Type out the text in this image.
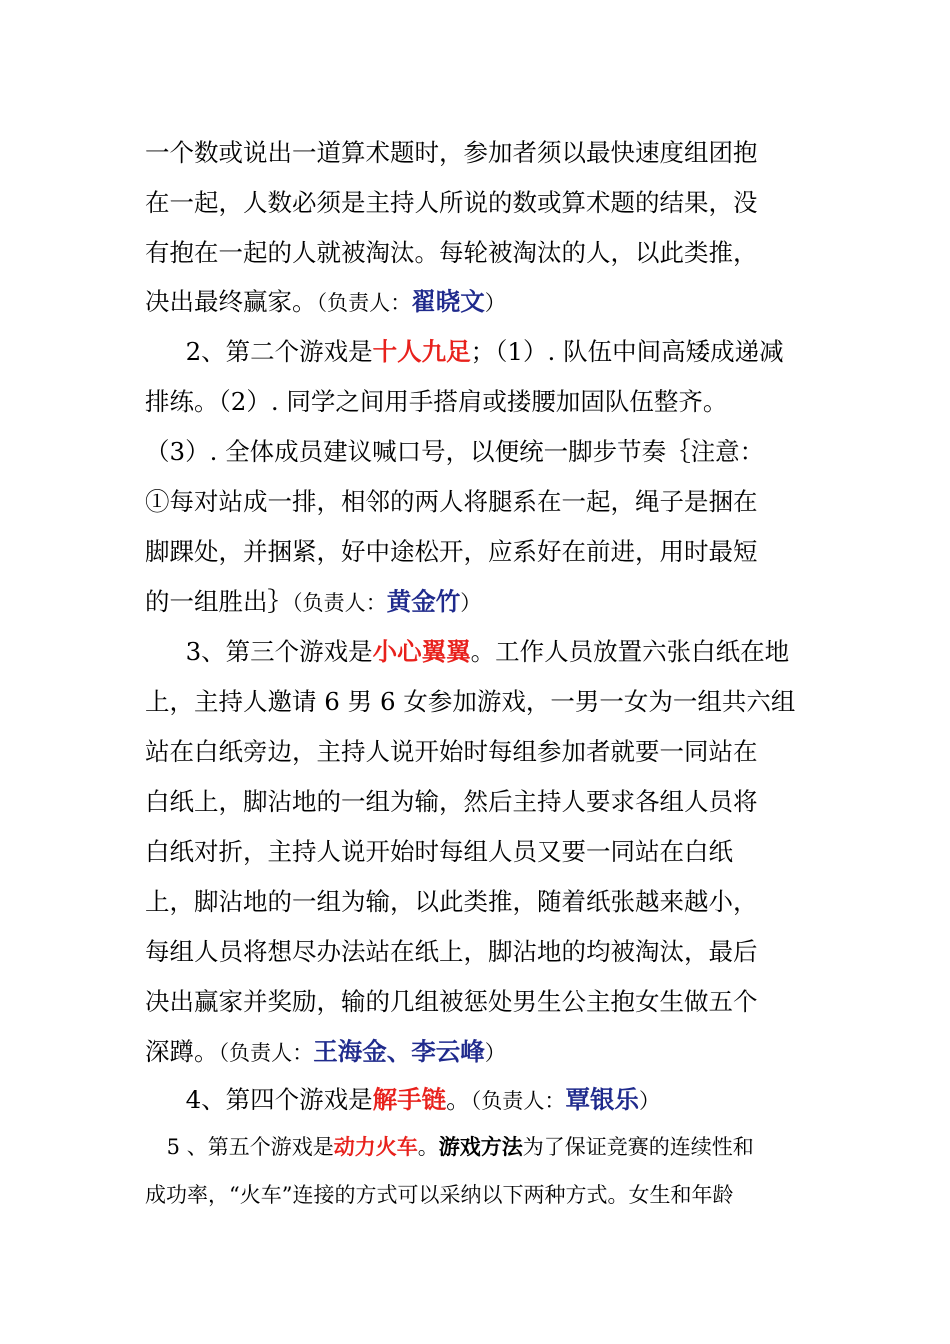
一个数或说出一道算术题时，参加者须以最快速度组团抱
在一起，人数必须是主持人所说的数或算术题的结果，没
有抱在一起的人就被淘汰。每轮被淘汰的人，以此类推，
决出最终赢家。（负责人：翟晓文）
2、第二个游戏是十人九足；（1）. 队伍中间高矮成递减
排练。（2）. 同学之间用手搭肩或搂腰加固队伍整齐。
（3）. 全体成员建议喊口号，以便统一脚步节奏｛注意：
①每对站成一排，相邻的两人将腿系在一起，绳子是捆在
脚踝处，并捆紧，好中途松开，应系好在前进，用时最短
的一组胜出｝（负责人：黄金竹）
3、第三个游戏是小心翼翼。工作人员放置六张白纸在地
上，主持人邀请 6 男 6 女参加游戏，一男一女为一组共六组
站在白纸旁边，主持人说开始时每组参加者就要一同站在
白纸上，脚沾地的一组为输，然后主持人要求各组人员将
白纸对折，主持人说开始时每组人员又要一同站在白纸
上，脚沾地的一组为输，以此类推，随着纸张越来越小，
每组人员将想尽办法站在纸上，脚沾地的均被淘汰，最后
决出赢家并奖励，输的几组被惩处男生公主抱女生做五个
深蹲。（负责人：王海金、李云峰）
4、第四个游戏是解手链。（负责人：覃银乐）
5 、第五个游戏是动力火车。游戏方法为了保证竞赛的连续性和
成功率，“火车”连接的方式可以采纳以下两种方式。女生和年龄
